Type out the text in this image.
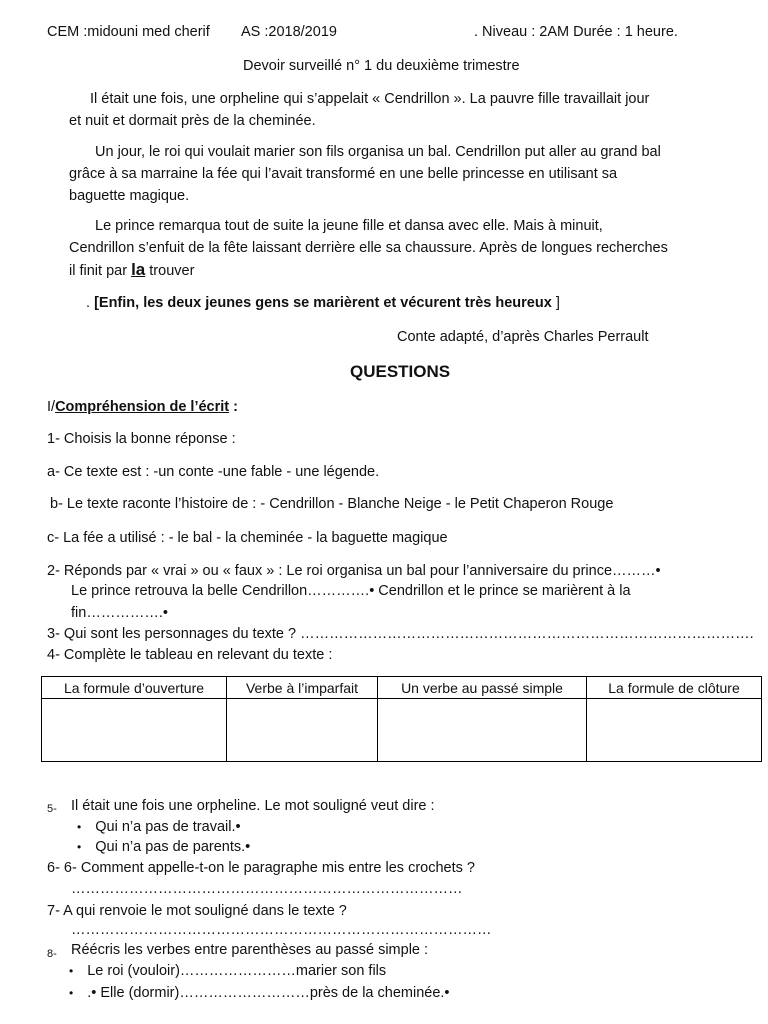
CEM :midouni med cherif AS :2018/2019	. Niveau : 2AM Durée : 1 heure.
Devoir surveillé n° 1 du deuxième trimestre
Il était une fois, une orpheline qui s’appelait « Cendrillon ». La pauvre fille travaillait jour
et nuit et dormait près de la cheminée.
Un jour, le roi qui voulait marier son fils organisa un bal. Cendrillon put aller au grand bal
grâce à sa marraine la fée qui l’avait transformé en une belle princesse en utilisant sa
baguette magique.
Le prince remarqua tout de suite la jeune fille et dansa avec elle. Mais à minuit,
Cendrillon s’enfuit de la fête laissant derrière elle sa chaussure. Après de longues recherches
il finit par la trouver
. [Enfin, les deux jeunes gens se marièrent et vécurent très heureux ]
Conte adapté, d’après Charles Perrault
QUESTIONS
I/Compréhension de l’écrit :
1- Choisis la bonne réponse :
a- Ce texte est : -un conte -une fable - une légende.
b- Le texte raconte l’histoire de : - Cendrillon - Blanche Neige - le Petit Chaperon Rouge
c- La fée a utilisé : - le bal - la cheminée - la baguette magique
2- Réponds par « vrai » ou « faux » : Le roi organisa un bal pour l’anniversaire du prince………•
Le prince retrouva la belle Cendrillon………….• Cendrillon et le prince se marièrent à la
fin…………….•
3- Qui sont les personnages du texte ? ………………………………………………………………………………….
4- Complète le tableau en relevant du texte :
La formule d’ouverture	Verbe à l’imparfait	Un verbe au passé simple	La formule de clôture

5- Il était une fois une orpheline. Le mot souligné veut dire :
• Qui n’a pas de travail.•
• Qui n’a pas de parents.•
6- 6- Comment appelle-t-on le paragraphe mis entre les crochets ?
………………………………………………………………………
7- A qui renvoie le mot souligné dans le texte ?
……………………………………………………………………………
8- Réécris les verbes entre parenthèses au passé simple :
• Le roi (vouloir)……………………marier son fils
• .• Elle (dormir)………………………près de la cheminée.•
